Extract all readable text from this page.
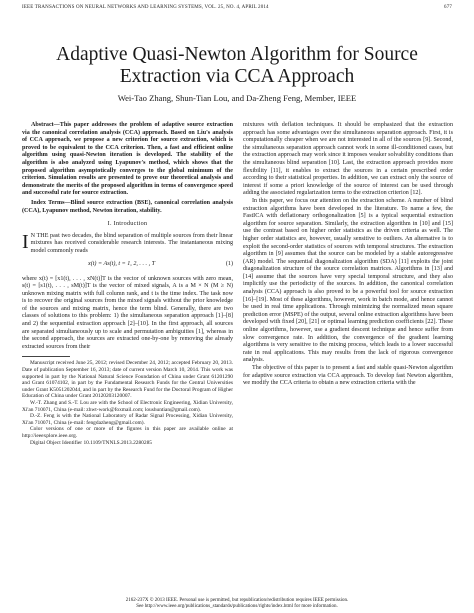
IEEE TRANSACTIONS ON NEURAL NETWORKS AND LEARNING SYSTEMS, VOL. 25, NO. 4, APRIL 2014	677
Adaptive Quasi-Newton Algorithm for Source
Extraction via CCA Approach
Wei-Tao Zhang, Shun-Tian Lou, and Da-Zheng Feng, Member, IEEE

Abstract—This paper addresses the problem of adaptive source extraction via the canonical correlation analysis (CCA) approach. Based on Liu's analysis of CCA approach, we propose a new criterion for source extraction, which is proved to be equivalent to the CCA criterion. Then, a fast and efficient online algorithm using quasi-Newton iteration is developed. The stability of the algorithm is also analyzed using Lyapunov's method, which shows that the proposed algorithm asymptotically converges to the global minimum of the criterion. Simulation results are presented to prove our theoretical analysis and demonstrate the merits of the proposed algorithm in terms of convergence speed and successful rate for source extraction.

Index Terms—Blind source extraction (BSE), canonical correlation analysis (CCA), Lyapunov method, Newton iteration, stability.

I. Introduction

I N THE past two decades, the blind separation of multiple sources from their linear mixtures has received considerable research interests. The instantaneous mixing model commonly reads

x(t) = As(t), t = 1, 2, . . . , T	(1)

where x(t) = [x1(t), . . . , xN(t)]T is the vector of unknown sources with zero mean, s(t) = [s1(t), . . . , sM(t)]T is the vector of mixed signals, A is a M × N (M ≥ N) unknown mixing matrix with full column rank, and t is the time index. The task now is to recover the original sources from the mixed signals without the prior knowledge of the sources and mixing matrix, hence the term blind. Generally, there are two classes of solutions to this problem: 1) the simultaneous separation approach [1]–[8] and 2) the sequential extraction approach [2]–[10]. In the first approach, all sources are separated simultaneously up to scale and permutation ambiguities [1], whereas in the second approach, the sources are extracted one-by-one by removing the already extracted sources from their

Manuscript received June 25, 2012; revised December 24, 2012; accepted February 20, 2013. Date of publication September 16, 2013; date of current version March 10, 2014. This work was supported in part by the National Natural Science Foundation of China under Grant 61201290 and Grant 61074102, in part by the Fundamental Research Funds for the Central Universities under Grant K5051202044, and in part by the Research Fund for the Doctoral Program of Higher Education of China under Grant 20120203120007.

W.-T. Zhang and S.-T. Lou are with the School of Electronic Engineering, Xidian University, Xi'an 710071, China (e-mail: zhwt-work@foxmail.com; loushuntian@gmail.com).

D.-Z. Feng is with the National Laboratory of Radar Signal Processing, Xidian University, Xi'an 710071, China (e-mail: fengdazheng@gmail.com).

Color versions of one or more of the figures in this paper are available online at http://ieeexplore.ieee.org.

Digital Object Identifier 10.1109/TNNLS.2013.2280285

mixtures with deflation techniques. It should be emphasized that the extraction approach has some advantages over the simultaneous separation approach. First, it is computationally cheaper when we are not interested in all of the sources [9]. Second, the simultaneous separation approach cannot work in some ill-conditioned cases, but the extraction approach may work since it imposes weaker solvability conditions than the simultaneous blind separation [10]. Last, the extraction approach provides more flexibility [11], it enables to extract the sources in a certain prescribed order according to their statistical properties. In addition, we can extract only the source of interest if some a priori knowledge of the source of interest can be used through adding the associated regularization terms to the extraction criterion [12].

In this paper, we focus our attention on the extraction scheme. A number of blind extraction algorithms have been developed in the literature. To name a few, the FastICA with deflationary orthogonalization [5] is a typical sequential extraction algorithm for source separation. Similarly, the extraction algorithm in [10] and [15] use the contrast based on higher order statistics as the driven criteria as well. The higher order statistics are, however, usually sensitive to outliers. An alternative is to exploit the second-order statistics of sources with temporal structures. The extraction algorithm in [9] assumes that the source can be modeled by a stable autoregressive (AR) model. The sequential diagonalization algorithm (SDA) [11] exploits the joint diagonalization structure of the source correlation matrices. Algorithms in [13] and [14] assume that the sources have very special temporal structure, and they also implicitly use the periodicity of the sources. In addition, the canonical correlation analysis (CCA) approach is also proved to be a powerful tool for source extraction [16]–[19]. Most of these algorithms, however, work in batch mode, and hence cannot be used in real time applications. Through minimizing the normalized mean square prediction error (MSPE) of the output, several online extraction algorithms have been developed with fixed [20], [21] or optimal learning prediction coefficients [22]. These online algorithms, however, use a gradient descent technique and hence suffer from slow convergence rate. In addition, the convergence of the gradient learning algorithms is very sensitive to the mixing process, which leads to a lower successful rate in real applications. This may results from the lack of rigorous convergence analysis.

The objective of this paper is to present a fast and stable quasi-Newton algorithm for adaptive source extraction via CCA approach. To develop fast Newton algorithm, we modify the CCA criteria to obtain a new extraction criteria with the

2162-237X © 2013 IEEE. Personal use is permitted, but republication/redistribution requires IEEE permission.
See http://www.ieee.org/publications_standards/publications/rights/index.html for more information.
